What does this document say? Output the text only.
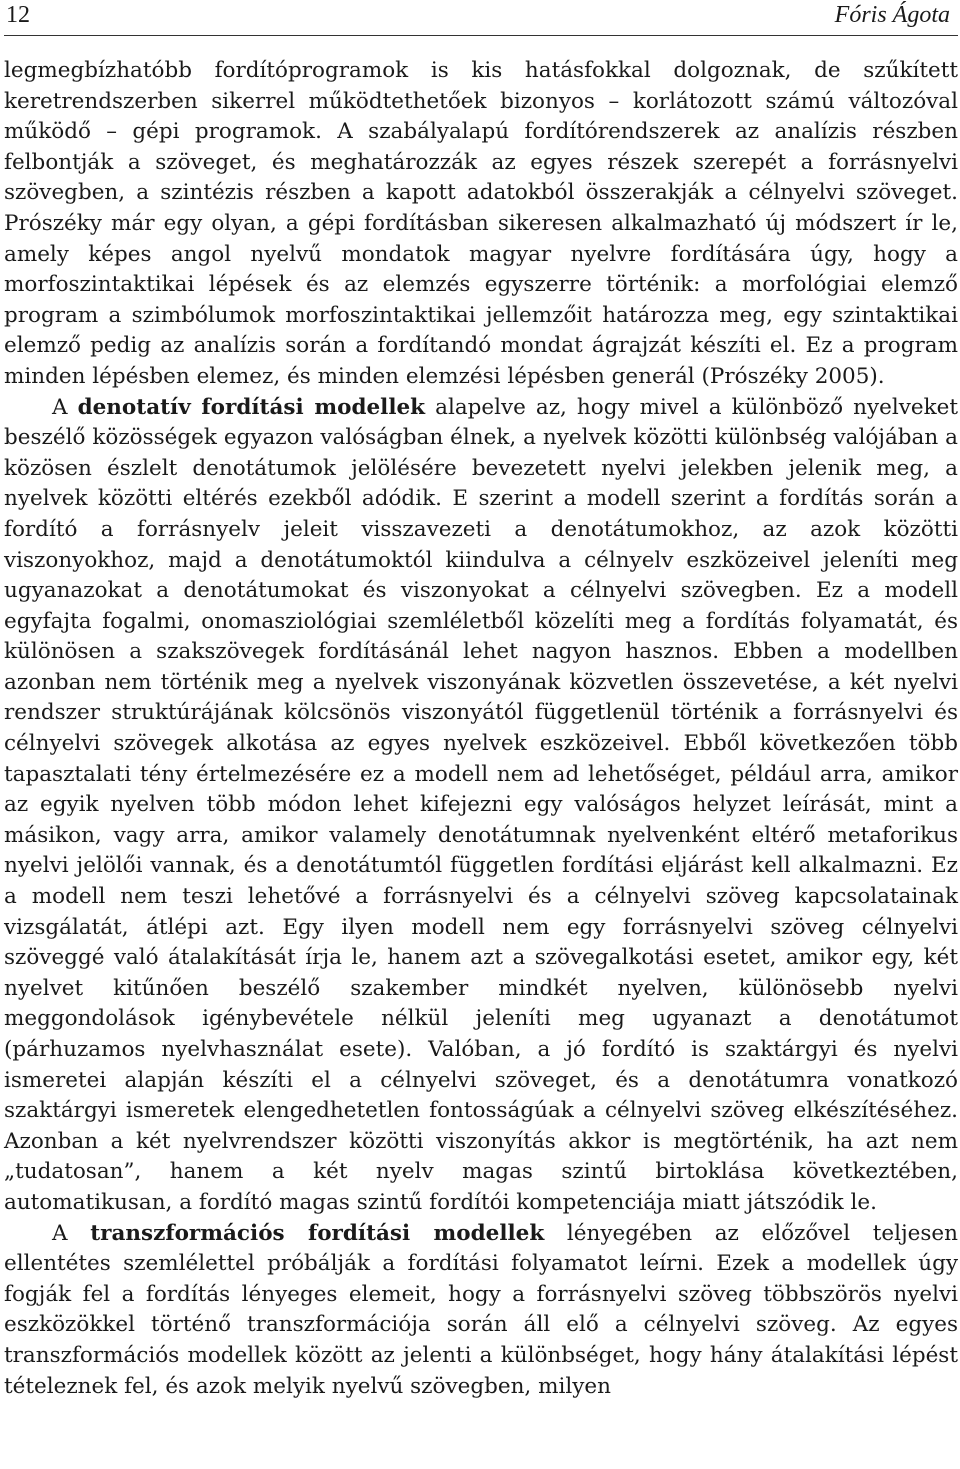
12	Fóris Ágota

legmegbízhatóbb fordítóprogramok is kis hatásfokkal dolgoznak, de szűkített keretrendszerben sikerrel működtethetőek bizonyos – korlátozott számú változóval működő – gépi programok. A szabályalapú fordítórendszerek az analízis részben felbontják a szöveget, és meghatározzák az egyes részek szerepét a forrásnyelvi szövegben, a szintézis részben a kapott adatokból összerakják a célnyelvi szöveget. Prószéky már egy olyan, a gépi fordításban sikeresen alkalmazható új módszert ír le, amely képes angol nyelvű mondatok magyar nyelvre fordítására úgy, hogy a morfoszintaktikai lépések és az elemzés egyszerre történik: a morfológiai elemző program a szimbólumok morfoszintaktikai jellemzőit határozza meg, egy szintaktikai elemző pedig az analízis során a fordítandó mondat ágrajzát készíti el. Ez a program minden lépésben elemez, és minden elemzési lépésben generál (Prószéky 2005).

A denotatív fordítási modellek alapelve az, hogy mivel a különböző nyelveket beszélő közösségek egyazon valóságban élnek, a nyelvek közötti különbség valójában a közösen észlelt denotátumok jelölésére bevezetett nyelvi jelekben jelenik meg, a nyelvek közötti eltérés ezekből adódik. E szerint a modell szerint a fordítás során a fordító a forrásnyelv jeleit visszavezeti a denotátumokhoz, az azok közötti viszonyokhoz, majd a denotátumoktól kiindulva a célnyelv eszközeivel jeleníti meg ugyanazokat a denotátumokat és viszonyokat a célnyelvi szövegben. Ez a modell egyfajta fogalmi, onomasziológiai szemléletből közelíti meg a fordítás folyamatát, és különösen a szakszövegek fordításánál lehet nagyon hasznos. Ebben a modellben azonban nem történik meg a nyelvek viszonyának közvetlen összevetése, a két nyelvi rendszer struktúrájának kölcsönös viszonyától függetlenül történik a forrásnyelvi és célnyelvi szövegek alkotása az egyes nyelvek eszközeivel. Ebből következően több tapasztalati tény értelmezésére ez a modell nem ad lehetőséget, például arra, amikor az egyik nyelven több módon lehet kifejezni egy valóságos helyzet leírását, mint a másikon, vagy arra, amikor valamely denotátumnak nyelvenként eltérő metaforikus nyelvi jelölői vannak, és a denotátumtól független fordítási eljárást kell alkalmazni. Ez a modell nem teszi lehetővé a forrásnyelvi és a célnyelvi szöveg kapcsolatainak vizsgálatát, átlépi azt. Egy ilyen modell nem egy forrásnyelvi szöveg célnyelvi szöveggé való átalakítását írja le, hanem azt a szövegalkotási esetet, amikor egy, két nyelvet kitűnően beszélő szakember mindkét nyelven, különösebb nyelvi meggondolások igénybevétele nélkül jeleníti meg ugyanazt a denotátumot (párhuzamos nyelvhasználat esete). Valóban, a jó fordító is szaktárgyi és nyelvi ismeretei alapján készíti el a célnyelvi szöveget, és a denotátumra vonatkozó szaktárgyi ismeretek elengedhetetlen fontosságúak a célnyelvi szöveg elkészítéséhez. Azonban a két nyelvrendszer közötti viszonyítás akkor is megtörténik, ha azt nem „tudatosan”, hanem a két nyelv magas szintű birtoklása következtében, automatikusan, a fordító magas szintű fordítói kompetenciája miatt játszódik le.

A transzformációs fordítási modellek lényegében az előzővel teljesen ellentétes szemlélettel próbálják a fordítási folyamatot leírni. Ezek a modellek úgy fogják fel a fordítás lényeges elemeit, hogy a forrásnyelvi szöveg többszörös nyelvi eszközökkel történő transzformációja során áll elő a célnyelvi szöveg. Az egyes transzformációs modellek között az jelenti a különbséget, hogy hány átalakítási lépést tételeznek fel, és azok melyik nyelvű szövegben, milyen
